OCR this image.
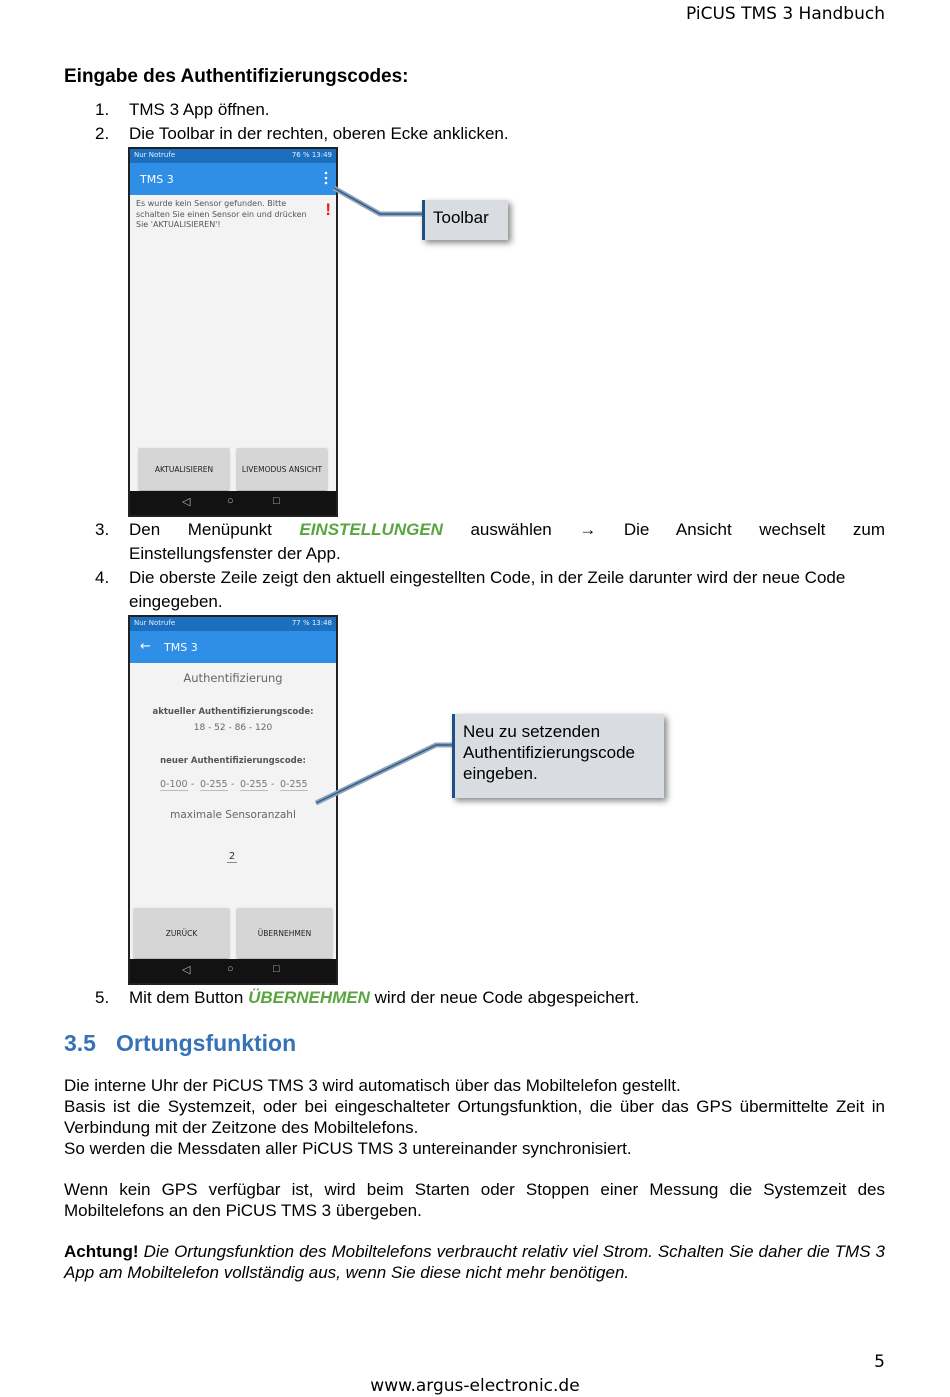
PiCUS TMS 3 Handbuch
Eingabe des Authentifizierungscodes:
1. TMS 3 App öffnen.
2. Die Toolbar in der rechten, oberen Ecke anklicken.
Nur Notrufe	76 % 13:49
TMS 3
Es wurde kein Sensor gefunden. Bitte schalten Sie einen Sensor ein und drücken Sie 'AKTUALISIEREN'!
!
AKTUALISIEREN	LIVEMODUS ANSICHT
◁	○	□
Toolbar
3. Den Menüpunkt EINSTELLUNGEN auswählen → Die Ansicht wechselt zum
Einstellungsfenster der App.
4. Die oberste Zeile zeigt den aktuell eingestellten Code, in der Zeile darunter wird der neue Code eingegeben.
Nur Notrufe	77 % 13:48
← TMS 3
Authentifizierung
aktueller Authentifizierungscode:
18 - 52 - 86 - 120
neuer Authentifizierungscode:
0-100 - 0-255 - 0-255 - 0-255
maximale Sensoranzahl
2
ZURÜCK	ÜBERNEHMEN
◁	○	□
Neu zu setzenden Authentifizierungscode eingeben.
5. Mit dem Button ÜBERNEHMEN wird der neue Code abgespeichert.
3.5 Ortungsfunktion
Die interne Uhr der PiCUS TMS 3 wird automatisch über das Mobiltelefon gestellt.
Basis ist die Systemzeit, oder bei eingeschalteter Ortungsfunktion, die über das GPS übermittelte Zeit in Verbindung mit der Zeitzone des Mobiltelefons.
So werden die Messdaten aller PiCUS TMS 3 untereinander synchronisiert.
Wenn kein GPS verfügbar ist, wird beim Starten oder Stoppen einer Messung die Systemzeit des Mobiltelefons an den PiCUS TMS 3 übergeben.
Achtung! Die Ortungsfunktion des Mobiltelefons verbraucht relativ viel Strom. Schalten Sie daher die TMS 3 App am Mobiltelefon vollständig aus, wenn Sie diese nicht mehr benötigen.
5
www.argus-electronic.de
